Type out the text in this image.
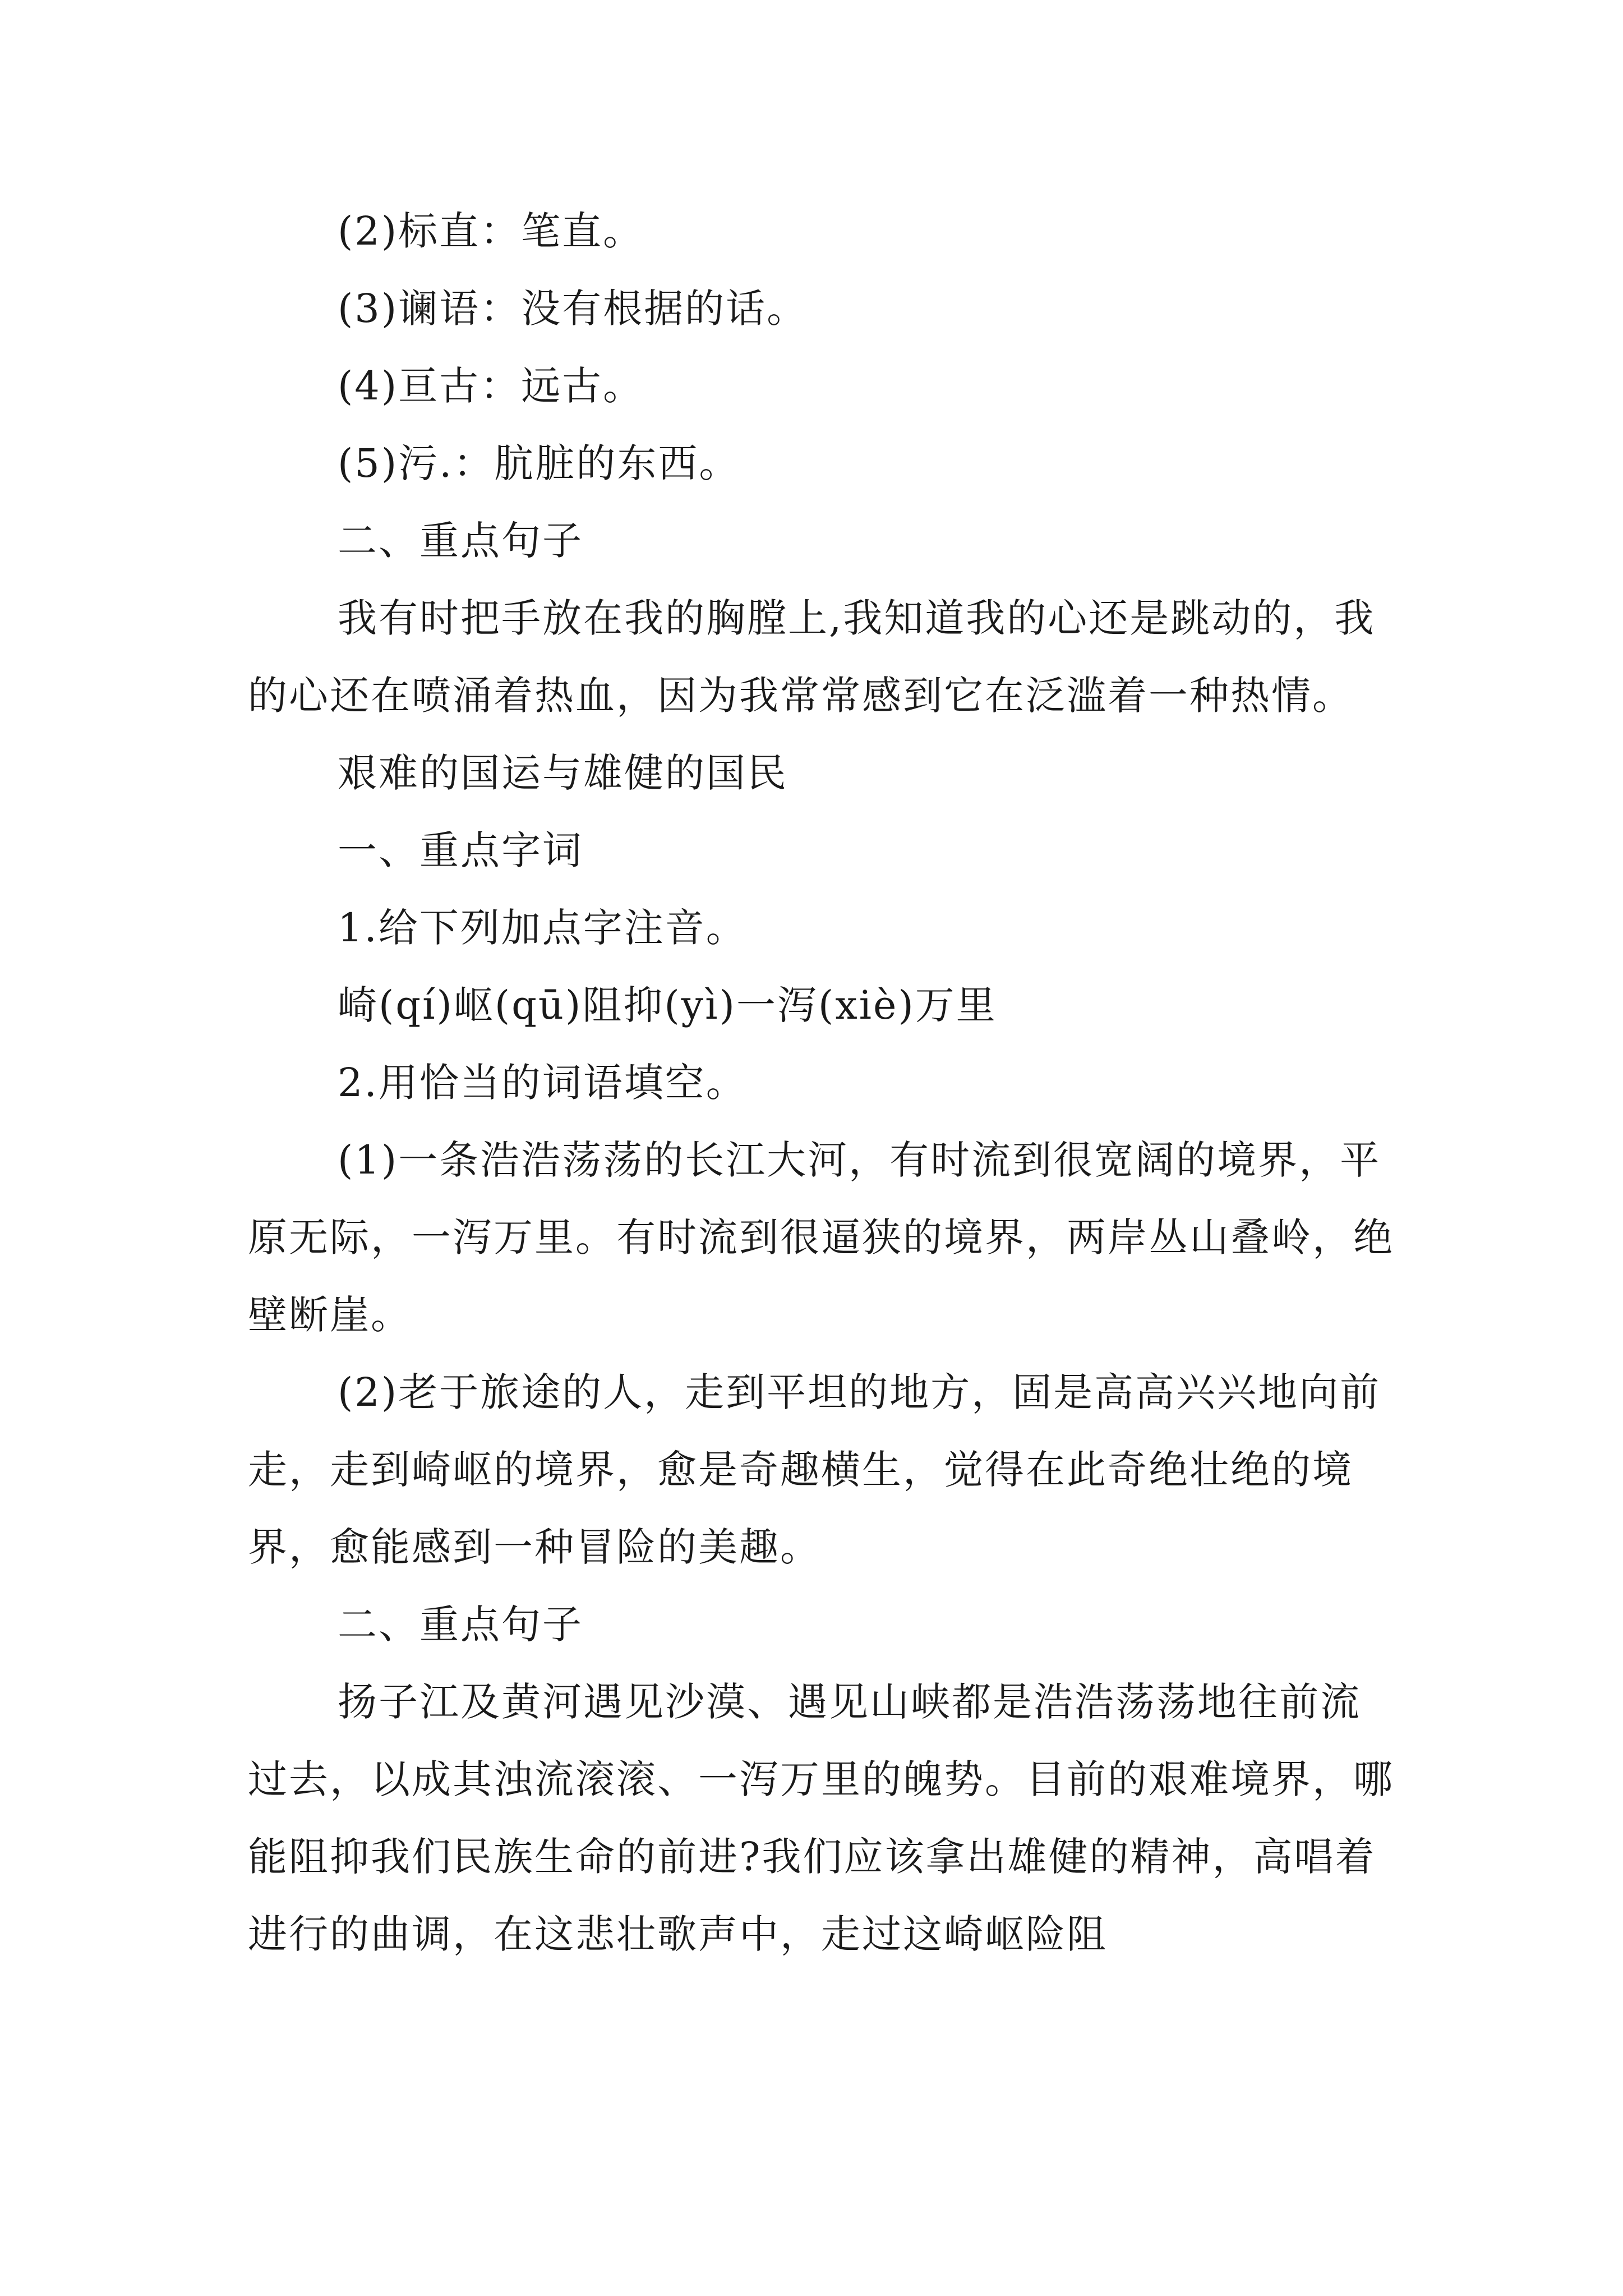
(2)标直：笔直。

(3)谰语：没有根据的话。

(4)亘古：远古。

(5)污.：肮脏的东西。

二、重点句子

我有时把手放在我的胸膛上,我知道我的心还是跳动的，我的心还在喷涌着热血，因为我常常感到它在泛滥着一种热情。

艰难的国运与雄健的国民

一、重点字词

1.给下列加点字注音。

崎(qí)岖(qū)阻抑(yì)一泻(xiè)万里

2.用恰当的词语填空。

(1)一条浩浩荡荡的长江大河，有时流到很宽阔的境界，平原无际，一泻万里。有时流到很逼狭的境界，两岸丛山叠岭，绝壁断崖。

(2)老于旅途的人，走到平坦的地方，固是高高兴兴地向前走，走到崎岖的境界，愈是奇趣横生，觉得在此奇绝壮绝的境界，愈能感到一种冒险的美趣。

二、重点句子

扬子江及黄河遇见沙漠、遇见山峡都是浩浩荡荡地往前流过去，以成其浊流滚滚、一泻万里的魄势。目前的艰难境界，哪能阻抑我们民族生命的前进?我们应该拿出雄健的精神，高唱着进行的曲调，在这悲壮歌声中，走过这崎岖险阻
